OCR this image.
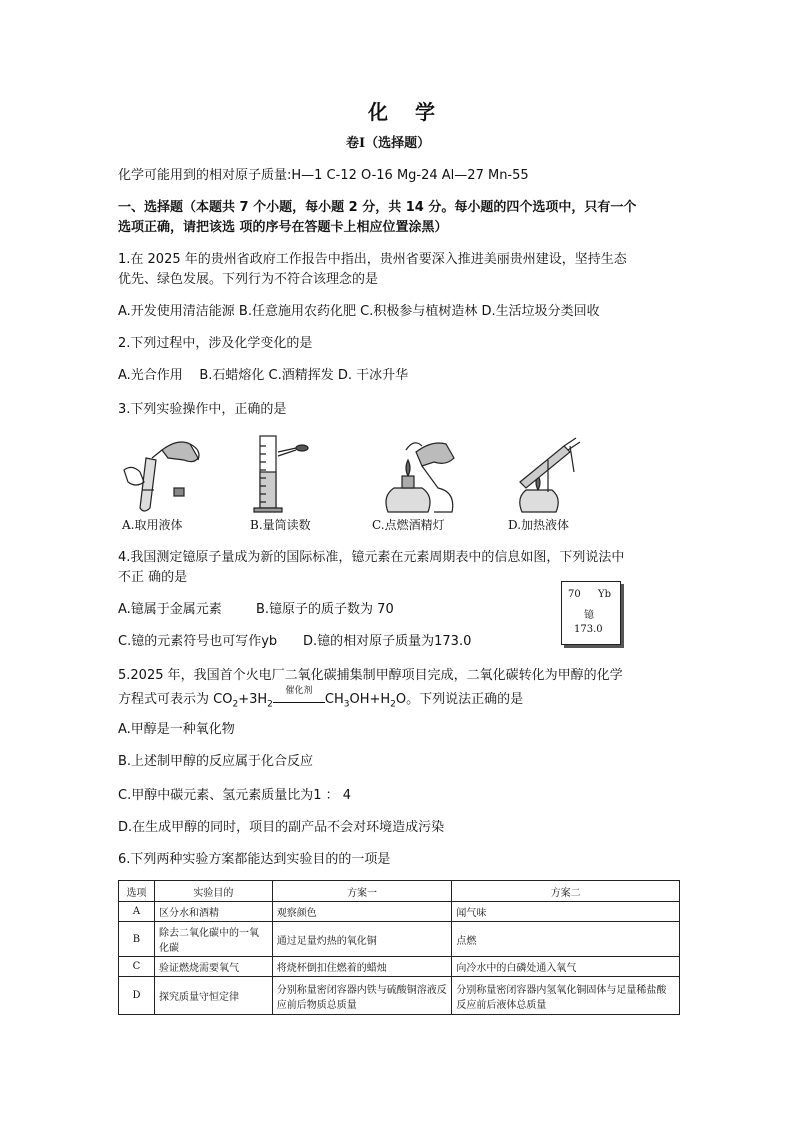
化 学
卷Ⅰ（选择题）
化学可能用到的相对原子质量:H—1 C-12 O-16 Mg-24 Al—27 Mn-55
一、选择题（本题共 7 个小题，每小题 2 分，共 14 分。每小题的四个选项中，只有一个
选项正确，请把该选 项的序号在答题卡上相应位置涂黑）
1.在 2025 年的贵州省政府工作报告中指出，贵州省要深入推进美丽贵州建设，坚持生态
优先、绿色发展。下列行为不符合该理念的是
A.开发使用清洁能源 B.任意施用农药化肥 C.积极参与植树造林 D.生活垃圾分类回收
2.下列过程中，涉及化学变化的是
A.光合作用    B.石蜡熔化 C.酒精挥发 D. 干冰升华
3.下列实验操作中，正确的是
A.取用液体	B.量筒读数	C.点燃酒精灯	D.加热液体
4.我国测定镱原子量成为新的国际标准，镱元素在元素周期表中的信息如图，下列说法中
不正 确的是
A.镱属于金属元素	B.镱原子的质子数为 70
C.镱的元素符号也可写作yb D.镱的相对原子质量为173.0
70 Yb
镱
173.0
5.2025 年，我国首个火电厂二氧化碳捕集制甲醇项目完成，二氧化碳转化为甲醇的化学
方程式可表示为 $CO_2+3H_2$
催化剂
$CH_3OH+H_2O$。下列说法正确的是
A.甲醇是一种氧化物
B.上述制甲醇的反应属于化合反应
C.甲醇中碳元素、氢元素质量比为1 ： 4
D.在生成甲醇的同时，项目的副产品不会对环境造成污染
6.下列两种实验方案都能达到实验目的的一项是
选项	实验目的	方案一	方案二
A	区分水和酒精	观察颜色	闻气味
B	除去二氧化碳中的一氧化碳	通过足量灼热的氧化铜	点燃
C	验证燃烧需要氧气	将烧杯倒扣住燃着的蜡烛	向冷水中的白磷处通入氧气
D	探究质量守恒定律	分别称量密闭容器内铁与硫酸铜溶液反应前后物质总质量	分别称量密闭容器内氢氧化铜固体与足量稀盐酸反应前后液体总质量
